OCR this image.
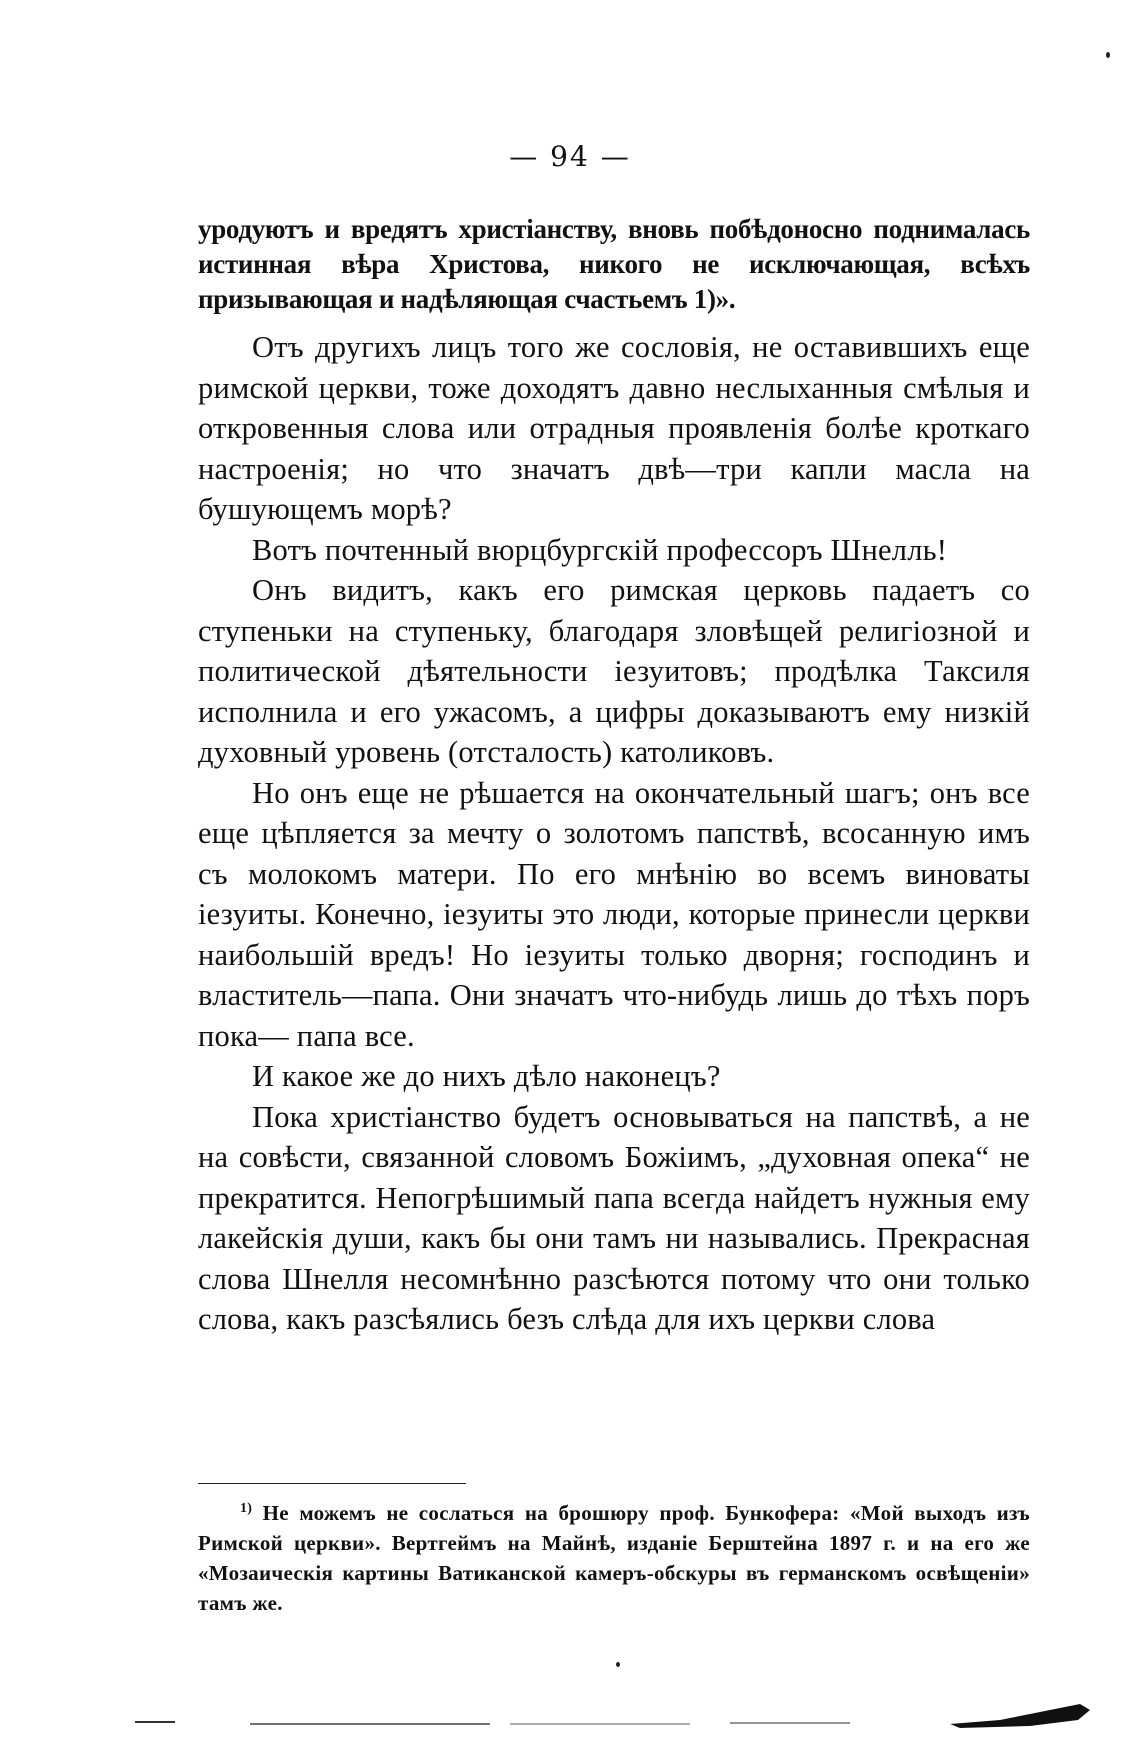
— 94 —

уродуютъ и вредятъ христіанству, вновь побѣдоносно поднималась истинная вѣра Христова, никого не исключающая, всѣхъ призывающая и надѣляющая счастьемъ 1)».

Отъ другихъ лицъ того же сословія, не оставившихъ еще римской церкви, тоже доходятъ давно неслыханныя смѣлыя и откровенныя слова или отрадныя проявленія болѣе кроткаго настроенія; но что значатъ двѣ—три капли масла на бушующемъ морѣ?

Вотъ почтенный вюрцбургскій профессоръ Шнелль!

Онъ видитъ, какъ его римская церковь падаетъ со ступеньки на ступеньку, благодаря зловѣщей религіозной и политической дѣятельности іезуитовъ; продѣлка Таксиля исполнила и его ужасомъ, а цифры доказываютъ ему низкій духовный уровень (отсталость) католиковъ.

Но онъ еще не рѣшается на окончательный шагъ; онъ все еще цѣпляется за мечту о золотомъ папствѣ, всосанную имъ съ молокомъ матери. По его мнѣнію во всемъ виноваты іезуиты. Конечно, іезуиты это люди, которые принесли церкви наибольшій вредъ! Но іезуиты только дворня; господинъ и властитель—папа. Они значатъ что-нибудь лишь до тѣхъ поръ пока— папа все.

И какое же до нихъ дѣло наконецъ?

Пока христіанство будетъ основываться на папствѣ, а не на совѣсти, связанной словомъ Божіимъ, „духовная опека“ не прекратится. Непогрѣшимый папа всегда найдетъ нужныя ему лакейскія души, какъ бы они тамъ ни назывались. Прекрасная слова Шнелля несомнѣнно разсѣются потому что они только слова, какъ разсѣялись безъ слѣда для ихъ церкви слова

$^{1)}$ Не можемъ не сослаться на брошюру проф. Бункофера: «Мой выходъ изъ Римской церкви». Вертгеймъ на Майнѣ, изданіе Берштейна 1897 г. и на его же «Мозаическія картины Ватиканской камеръ-обскуры въ германскомъ освѣщеніи» тамъ же.
